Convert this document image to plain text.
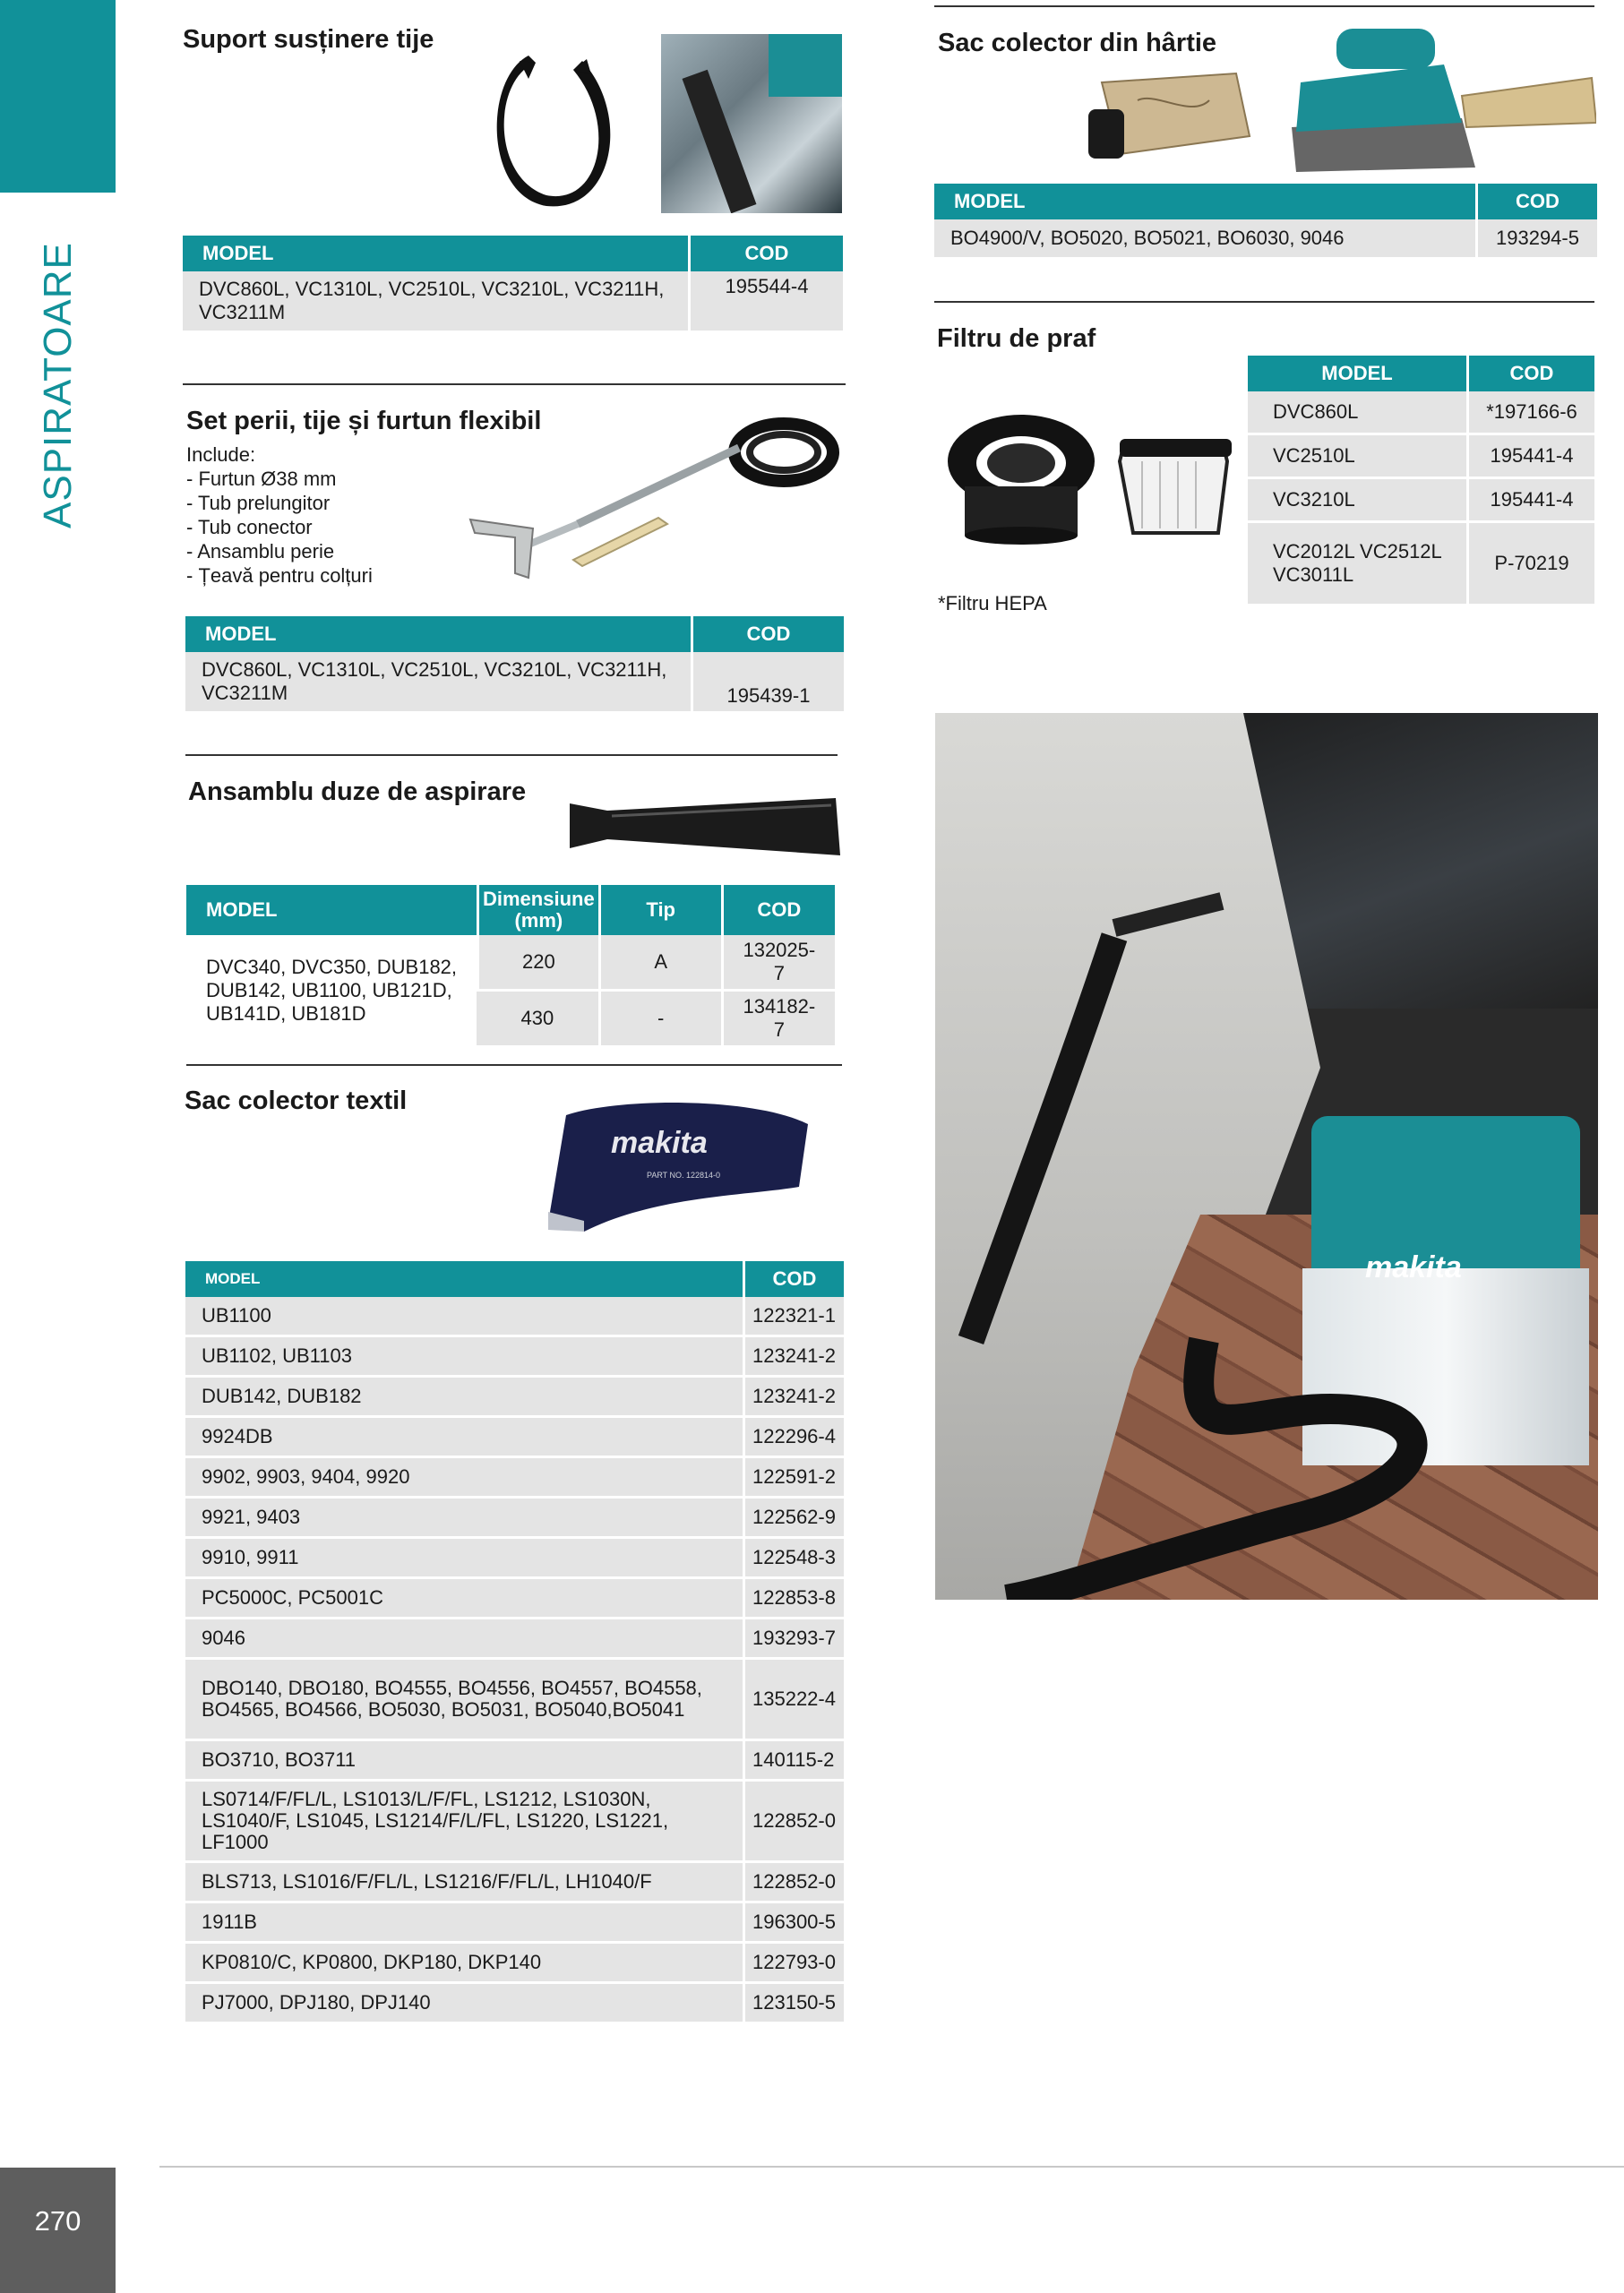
ASPIRATOARE
270
Suport susținere tije
MODEL	COD
DVC860L, VC1310L, VC2510L, VC3210L, VC3211H, VC3211M	195544-4
Set perii, tije și furtun flexibil
Include:
- Furtun Ø38 mm
- Tub prelungitor
- Tub conector
- Ansamblu perie
- Țeavă pentru colțuri
MODEL	COD
DVC860L, VC1310L, VC2510L, VC3210L, VC3211H, VC3211M	195439-1
Ansamblu duze de aspirare
MODEL	Dimensiune (mm)	Tip	COD
DVC340, DVC350, DUB182, DUB142, UB1100, UB121D, UB141D, UB181D	220	A	132025-7
	430	-	134182-7
Sac colector textil
makita
PART NO. 122814-0
MODEL	COD
UB1100	122321-1
UB1102, UB1103	123241-2
DUB142, DUB182	123241-2
9924DB	122296-4
9902, 9903, 9404, 9920	122591-2
9921, 9403	122562-9
9910, 9911	122548-3
PC5000C, PC5001C	122853-8
9046	193293-7
DBO140, DBO180, BO4555, BO4556, BO4557, BO4558, BO4565, BO4566, BO5030, BO5031, BO5040,BO5041	135222-4
BO3710, BO3711	140115-2
LS0714/F/FL/L, LS1013/L/F/FL, LS1212, LS1030N, LS1040/F, LS1045, LS1214/F/L/FL, LS1220, LS1221, LF1000	122852-0
BLS713, LS1016/F/FL/L, LS1216/F/FL/L, LH1040/F	122852-0
1911B	196300-5
KP0810/C, KP0800, DKP180, DKP140	122793-0
PJ7000, DPJ180, DPJ140	123150-5
Sac colector din hârtie
MODEL	COD
BO4900/V, BO5020, BO5021, BO6030, 9046	193294-5
Filtru de praf
*Filtru HEPA
MODEL	COD
DVC860L	*197166-6
VC2510L	195441-4
VC3210L	195441-4
VC2012L VC2512L VC3011L	P-70219
makita
